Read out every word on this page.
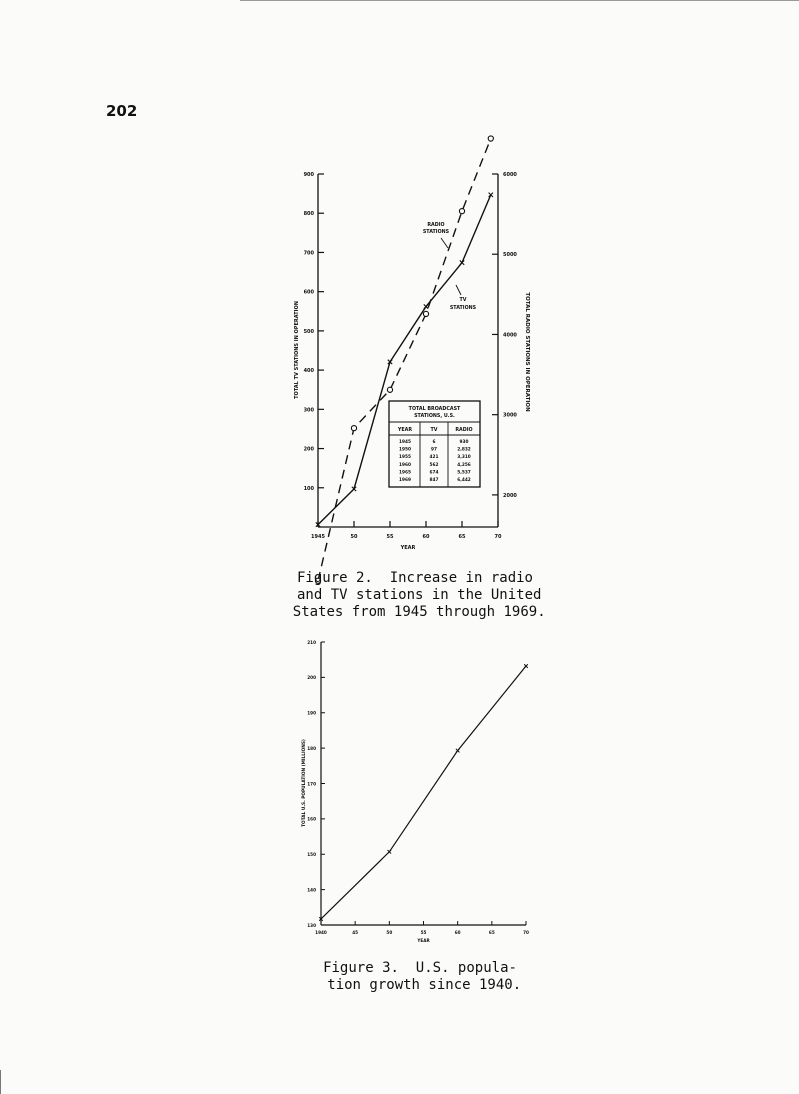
202
100
200
300
400
500
600
700
800
900
2000
3000
4000
5000
6000
1945	50	55	60	65	70
YEAR
TOTAL TV STATIONS IN OPERATION	TOTAL RADIO STATIONS IN OPERATION
RADIO
STATIONS
TV
STATIONS
TOTAL BROADCAST
STATIONS, U.S.
YEAR	TV	RADIO
1945	6	930
1950	97	2,832
1955	421	3,310
1960	562	4,256
1965	674	5,537
1969	847	6,442
130
140
150
160
170
180
190
200
210
1940	45	50	55	60	65	70
YEAR
TOTAL U.S. POPULATION (MILLIONS)
Figure 2.  Increase in radio
and TV stations in the United
States from 1945 through 1969.
Figure 3.  U.S. popula-
tion growth since 1940.
